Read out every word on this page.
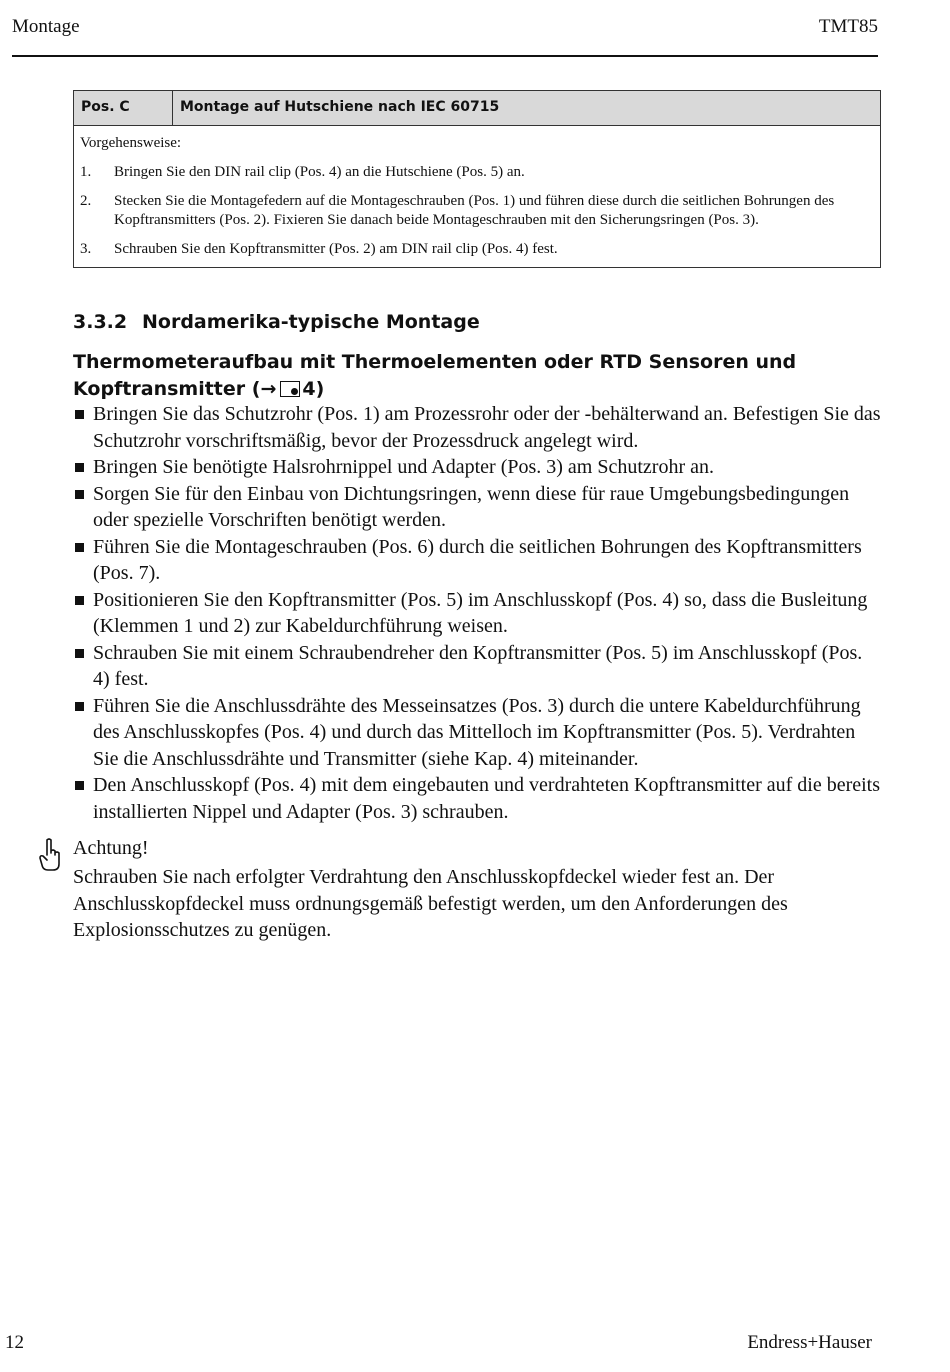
Montage	TMT85
Pos. C	Montage auf Hutschiene nach IEC 60715
Vorgehensweise:
1.	Bringen Sie den DIN rail clip (Pos. 4) an die Hutschiene (Pos. 5) an.
2.	Stecken Sie die Montagefedern auf die Montageschrauben (Pos. 1) und führen diese durch die seitlichen Bohrungen des Kopftransmitters (Pos. 2). Fixieren Sie danach beide Montageschrauben mit den Sicherungsringen (Pos. 3).
3.	Schrauben Sie den Kopftransmitter (Pos. 2) am DIN rail clip (Pos. 4) fest.
3.3.2 Nordamerika-typische Montage
Thermometeraufbau mit Thermoelementen oder RTD Sensoren und Kopftransmitter (→ 4)
Bringen Sie das Schutzrohr (Pos. 1) am Prozessrohr oder der -behälterwand an. Befestigen Sie das Schutzrohr vorschriftsmäßig, bevor der Prozessdruck angelegt wird.
Bringen Sie benötigte Halsrohrnippel und Adapter (Pos. 3) am Schutzrohr an.
Sorgen Sie für den Einbau von Dichtungsringen, wenn diese für raue Umgebungsbedingungen oder spezielle Vorschriften benötigt werden.
Führen Sie die Montageschrauben (Pos. 6) durch die seitlichen Bohrungen des Kopftransmitters (Pos. 7).
Positionieren Sie den Kopftransmitter (Pos. 5) im Anschlusskopf (Pos. 4) so, dass die Busleitung (Klemmen 1 und 2) zur Kabeldurchführung weisen.
Schrauben Sie mit einem Schraubendreher den Kopftransmitter (Pos. 5) im Anschlusskopf (Pos. 4) fest.
Führen Sie die Anschlussdrähte des Messeinsatzes (Pos. 3) durch die untere Kabeldurchführung des Anschlusskopfes (Pos. 4) und durch das Mittelloch im Kopftransmitter (Pos. 5). Verdrahten Sie die Anschlussdrähte und Transmitter (siehe Kap. 4) miteinander.
Den Anschlusskopf (Pos. 4) mit dem eingebauten und verdrahteten Kopftransmitter auf die bereits installierten Nippel und Adapter (Pos. 3) schrauben.
Achtung!
Schrauben Sie nach erfolgter Verdrahtung den Anschlusskopfdeckel wieder fest an. Der Anschlusskopfdeckel muss ordnungsgemäß befestigt werden, um den Anforderungen des Explosionsschutzes zu genügen.
12	Endress+Hauser
